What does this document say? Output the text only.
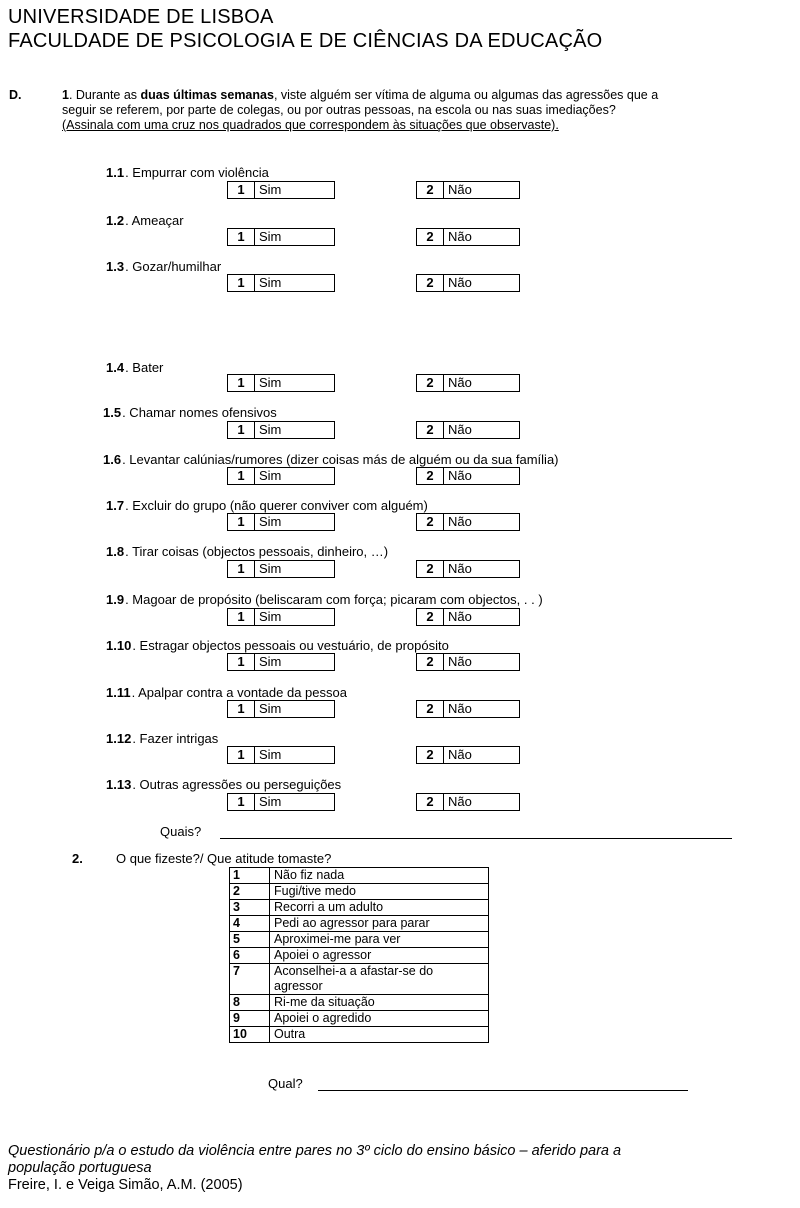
UNIVERSIDADE DE LISBOA
FACULDADE DE PSICOLOGIA E DE CIÊNCIAS DA EDUCAÇÃO
D.	1. Durante as duas últimas semanas, viste alguém ser vítima de alguma ou algumas das agressões que a
seguir se referem, por parte de colegas, ou por outras pessoas, na escola ou nas suas imediações?
(Assinala com uma cruz nos quadrados que correspondem às situações que observaste).
1.1. Empurrar com violência
1	Sim	2	Não
1.2. Ameaçar
1	Sim	2	Não
1.3. Gozar/humilhar
1	Sim	2	Não
1.4. Bater
1	Sim	2	Não
1.5. Chamar nomes ofensivos
1	Sim	2	Não
1.6. Levantar calúnias/rumores (dizer coisas más de alguém ou da sua família)
1	Sim	2	Não
1.7. Excluir do grupo (não querer conviver com alguém)
1	Sim	2	Não
1.8. Tirar coisas (objectos pessoais, dinheiro, …)
1	Sim	2	Não
1.9. Magoar de propósito (beliscaram com força; picaram com objectos, . . )
1	Sim	2	Não
1.10. Estragar objectos pessoais ou vestuário, de propósito
1	Sim	2	Não
1.11. Apalpar contra a vontade da pessoa
1	Sim	2	Não
1.12. Fazer intrigas
1	Sim	2	Não
1.13. Outras agressões ou perseguições
1	Sim	2	Não
Quais?
2.	O que fizeste?/ Que atitude tomaste?
1	Não fiz nada
2	Fugi/tive medo
3	Recorri a um adulto
4	Pedi ao agressor para parar
5	Aproximei-me para ver
6	Apoiei o agressor
7	Aconselhei-a a afastar-se do agressor
8	Ri-me da situação
9	Apoiei o agredido
10	Outra
Qual?
Questionário p/a o estudo da violência entre pares no 3º ciclo do ensino básico – aferido para a
população portuguesa
Freire, I. e Veiga Simão, A.M. (2005)
